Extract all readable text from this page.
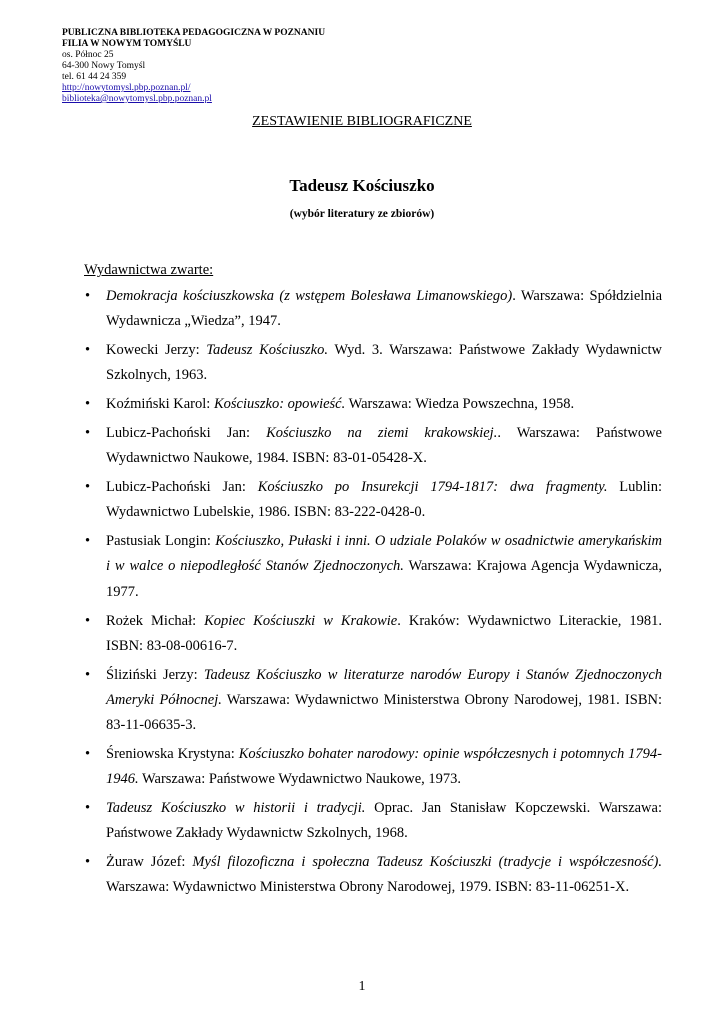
PUBLICZNA BIBLIOTEKA PEDAGOGICZNA W POZNANIU
FILIA W NOWYM TOMYŚLU
os. Północ 25
64-300 Nowy Tomyśl
tel. 61 44 24 359
http://nowytomysl.pbp.poznan.pl/
biblioteka@nowytomysl.pbp.poznan.pl
ZESTAWIENIE BIBLIOGRAFICZNE
Tadeusz Kościuszko
(wybór literatury ze zbiorów)
Wydawnictwa zwarte:
• Demokracja kościuszkowska (z wstępem Bolesława Limanowskiego). Warszawa: Spółdzielnia Wydawnicza „Wiedza”, 1947.
• Kowecki Jerzy: Tadeusz Kościuszko. Wyd. 3. Warszawa: Państwowe Zakłady Wydawnictw Szkolnych, 1963.
• Koźmiński Karol: Kościuszko: opowieść. Warszawa: Wiedza Powszechna, 1958.
• Lubicz-Pachoński Jan: Kościuszko na ziemi krakowskiej.. Warszawa: Państwowe Wydawnictwo Naukowe, 1984. ISBN: 83-01-05428-X.
• Lubicz-Pachoński Jan: Kościuszko po Insurekcji 1794-1817: dwa fragmenty. Lublin: Wydawnictwo Lubelskie, 1986. ISBN: 83-222-0428-0.
• Pastusiak Longin: Kościuszko, Pułaski i inni. O udziale Polaków w osadnictwie amerykańskim i w walce o niepodległość Stanów Zjednoczonych. Warszawa: Krajowa Agencja Wydawnicza, 1977.
• Rożek Michał: Kopiec Kościuszki w Krakowie. Kraków: Wydawnictwo Literackie, 1981. ISBN: 83-08-00616-7.
• Śliziński Jerzy: Tadeusz Kościuszko w literaturze narodów Europy i Stanów Zjednoczonych Ameryki Północnej. Warszawa: Wydawnictwo Ministerstwa Obrony Narodowej, 1981. ISBN: 83-11-06635-3.
• Śreniowska Krystyna: Kościuszko bohater narodowy: opinie współczesnych i potomnych 1794-1946. Warszawa: Państwowe Wydawnictwo Naukowe, 1973.
• Tadeusz Kościuszko w historii i tradycji. Oprac. Jan Stanisław Kopczewski. Warszawa: Państwowe Zakłady Wydawnictw Szkolnych, 1968.
• Żuraw Józef: Myśl filozoficzna i społeczna Tadeusz Kościuszki (tradycje i współczesność). Warszawa: Wydawnictwo Ministerstwa Obrony Narodowej, 1979. ISBN: 83-11-06251-X.
1
